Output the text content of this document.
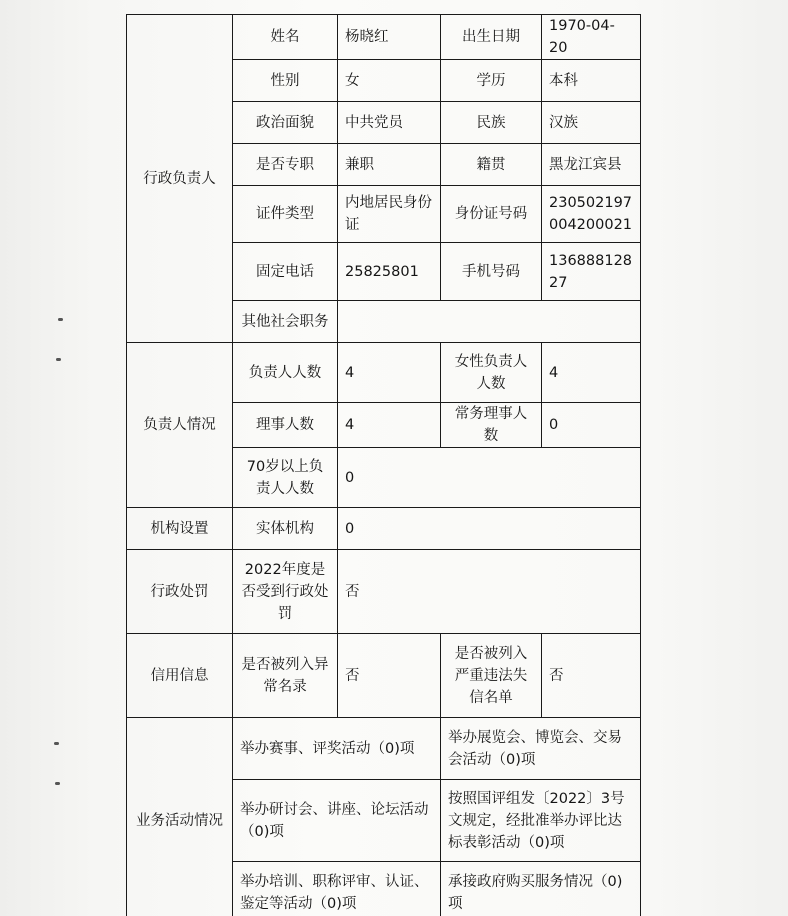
行政负责人	姓名	杨晓红	出生日期	1970-04-20
	性别	女	学历	本科
	政治面貌	中共党员	民族	汉族
	是否专职	兼职	籍贯	黑龙江宾县
	证件类型	内地居民身份证	身份证号码	230502197004200021
	固定电话	25825801	手机号码	13688812827
	其他社会职务			
负责人情况	负责人人数	4	女性负责人人数	4
	理事人数	4	常务理事人数	0
	70岁以上负责人人数	0		
机构设置	实体机构	0		
行政处罚	2022年度是否受到行政处罚	否		
信用信息	是否被列入异常名录	否	是否被列入严重违法失信名单	否
业务活动情况	举办赛事、评奖活动（0)项		举办展览会、博览会、交易会活动（0)项	
	举办研讨会、讲座、论坛活动（0)项		按照国评组发〔2022〕3号文规定，经批准举办评比达标表彰活动（0)项	
	举办培训、职称评审、认证、鉴定等活动（0)项		承接政府购买服务情况（0)项	
